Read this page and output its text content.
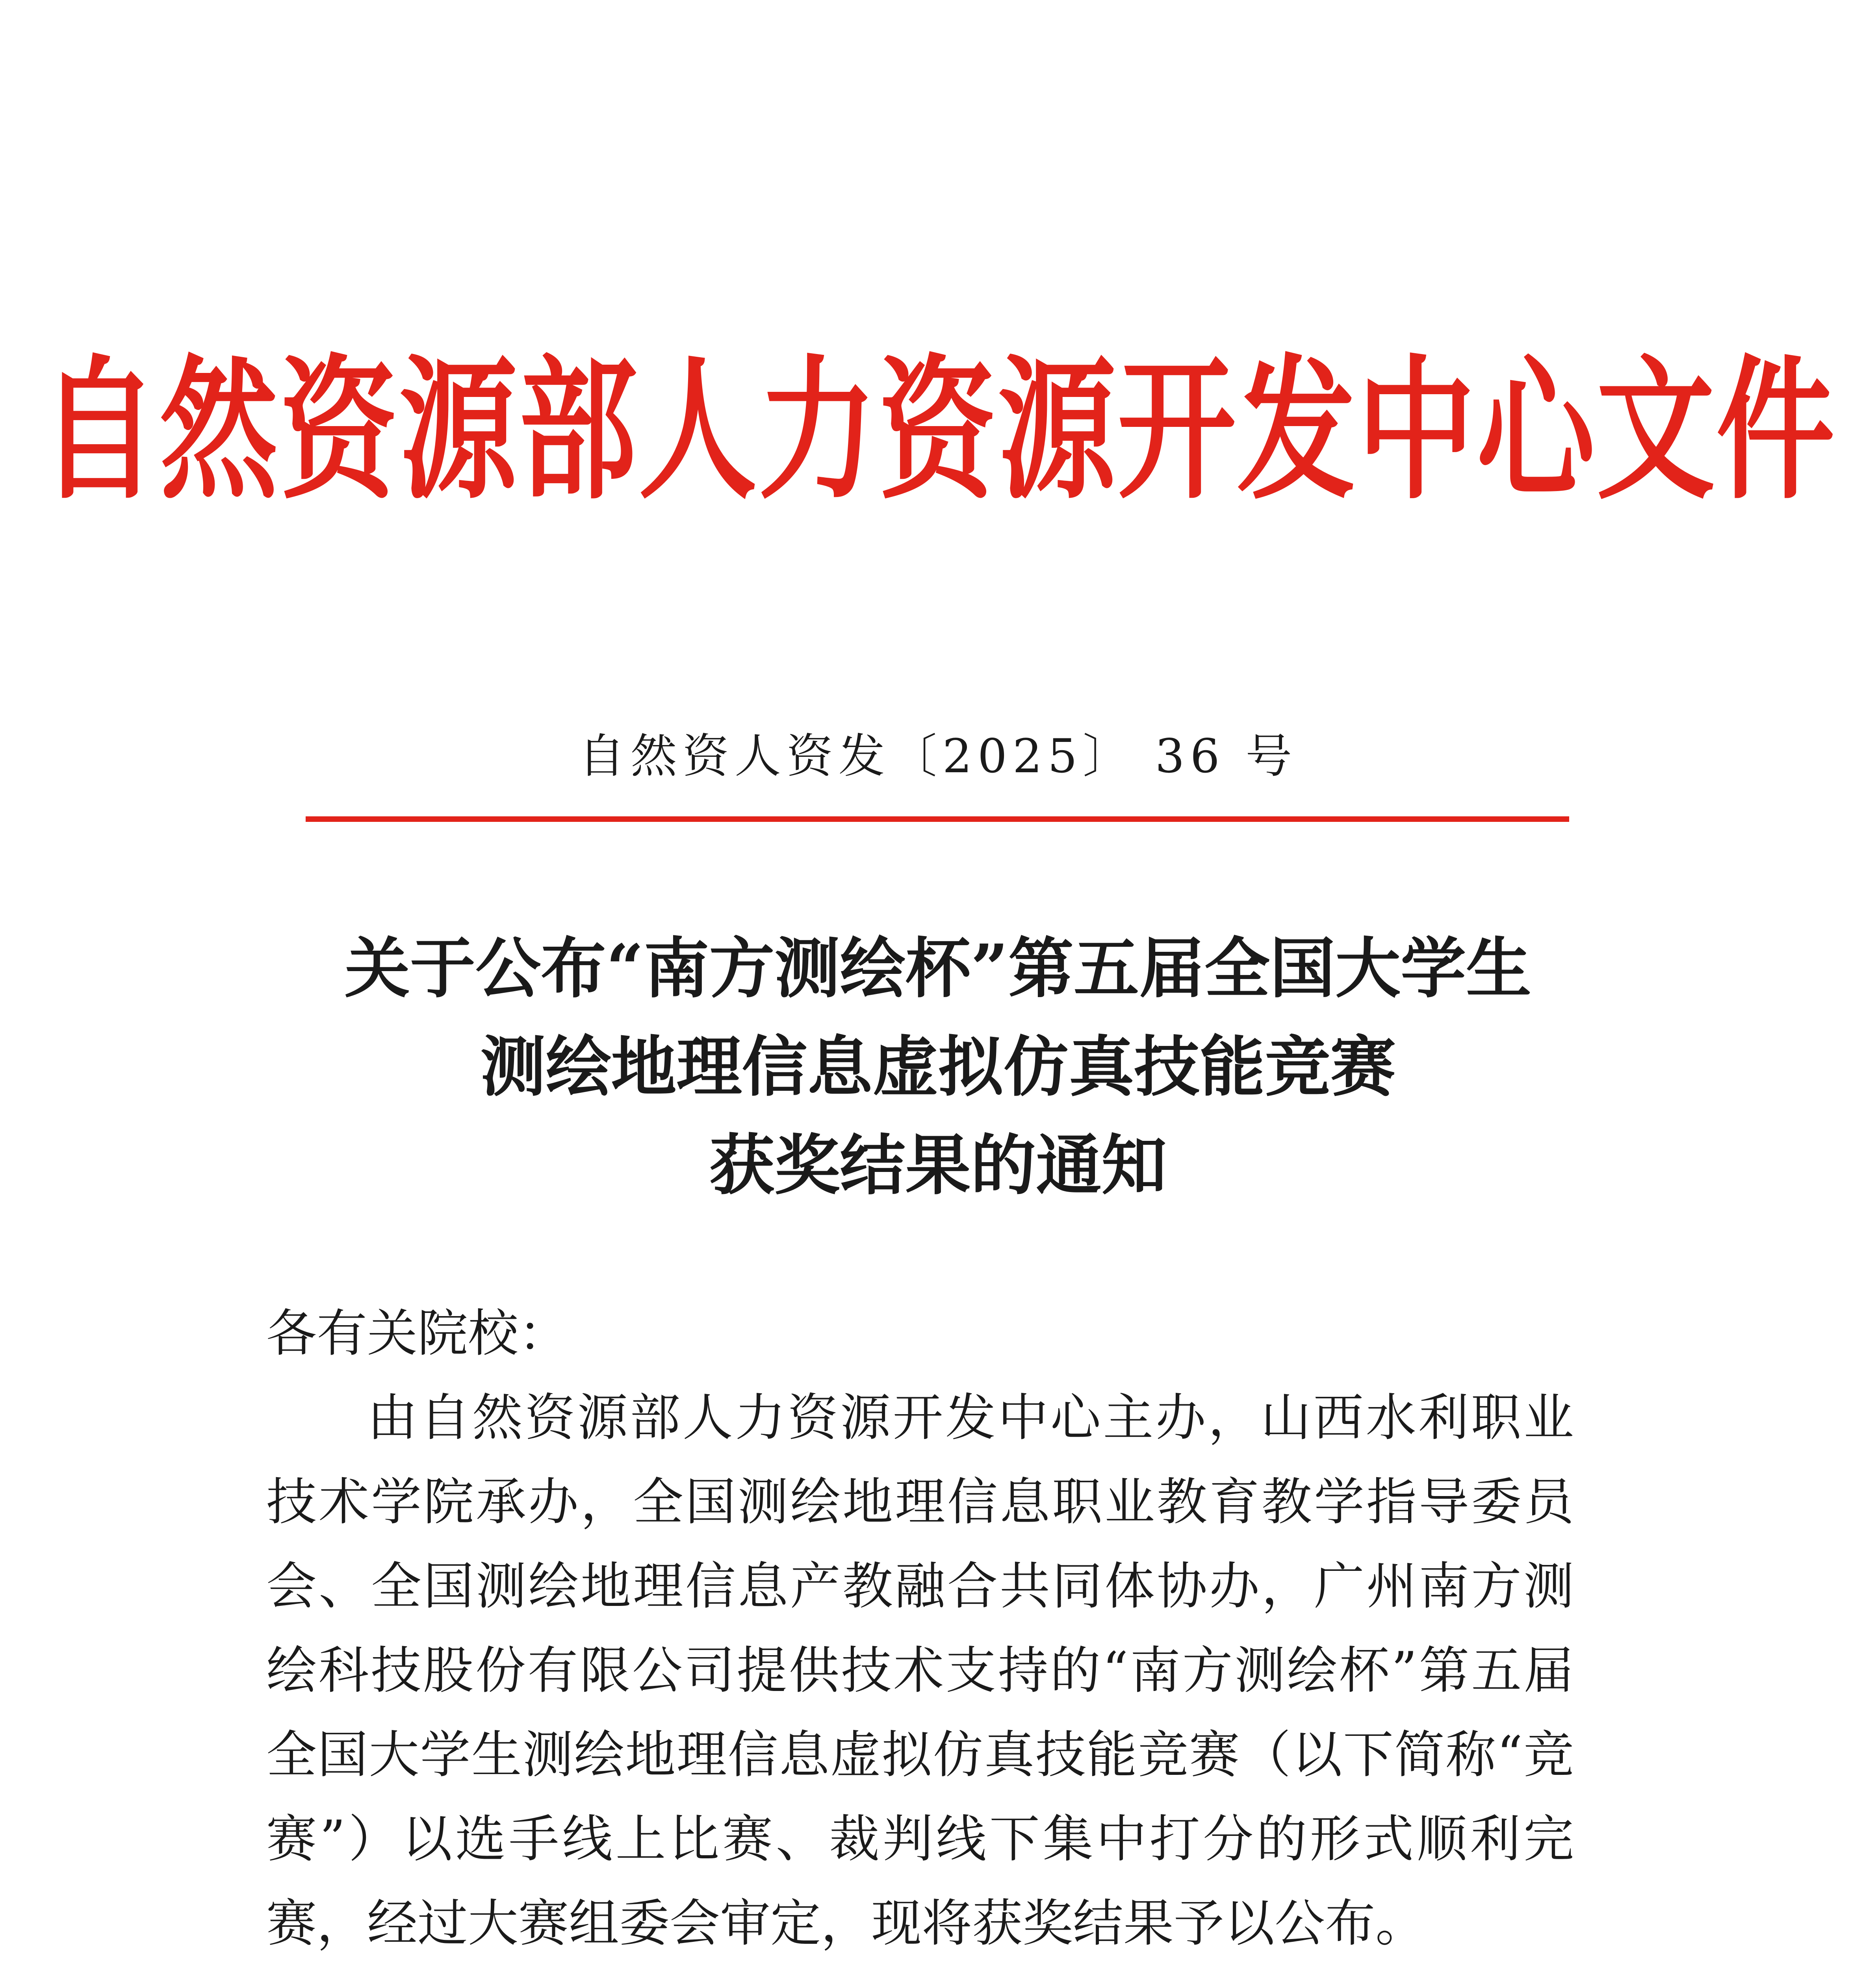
自然资源部人力资源开发中心文件
自然资人资发〔2025〕 36 号
关于公布“南方测绘杯”第五届全国大学生
测绘地理信息虚拟仿真技能竞赛
获奖结果的通知
各有关院校：
由自然资源部人力资源开发中心主办，山西水利职业技术学院承办，全国测绘地理信息职业教育教学指导委员会、全国测绘地理信息产教融合共同体协办，广州南方测绘科技股份有限公司提供技术支持的“南方测绘杯”第五届全国大学生测绘地理信息虚拟仿真技能竞赛（以下简称“竞赛”）以选手线上比赛、裁判线下集中打分的形式顺利完赛，经过大赛组委会审定，现将获奖结果予以公布。
